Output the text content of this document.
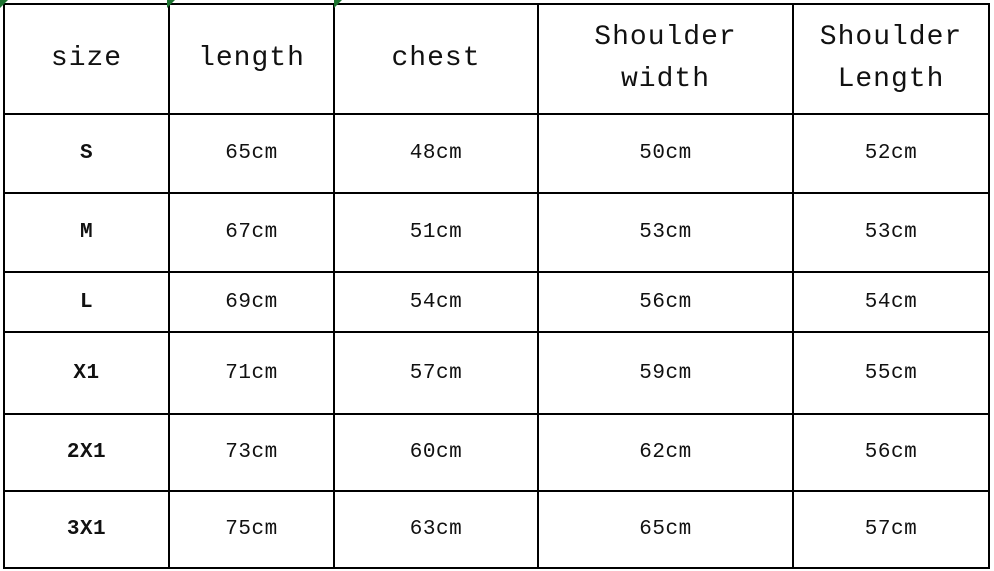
size	length	chest	Shoulder width	Shoulder Length
S	65cm	48cm	50cm	52cm
M	67cm	51cm	53cm	53cm
L	69cm	54cm	56cm	54cm
X1	71cm	57cm	59cm	55cm
2X1	73cm	60cm	62cm	56cm
3X1	75cm	63cm	65cm	57cm
